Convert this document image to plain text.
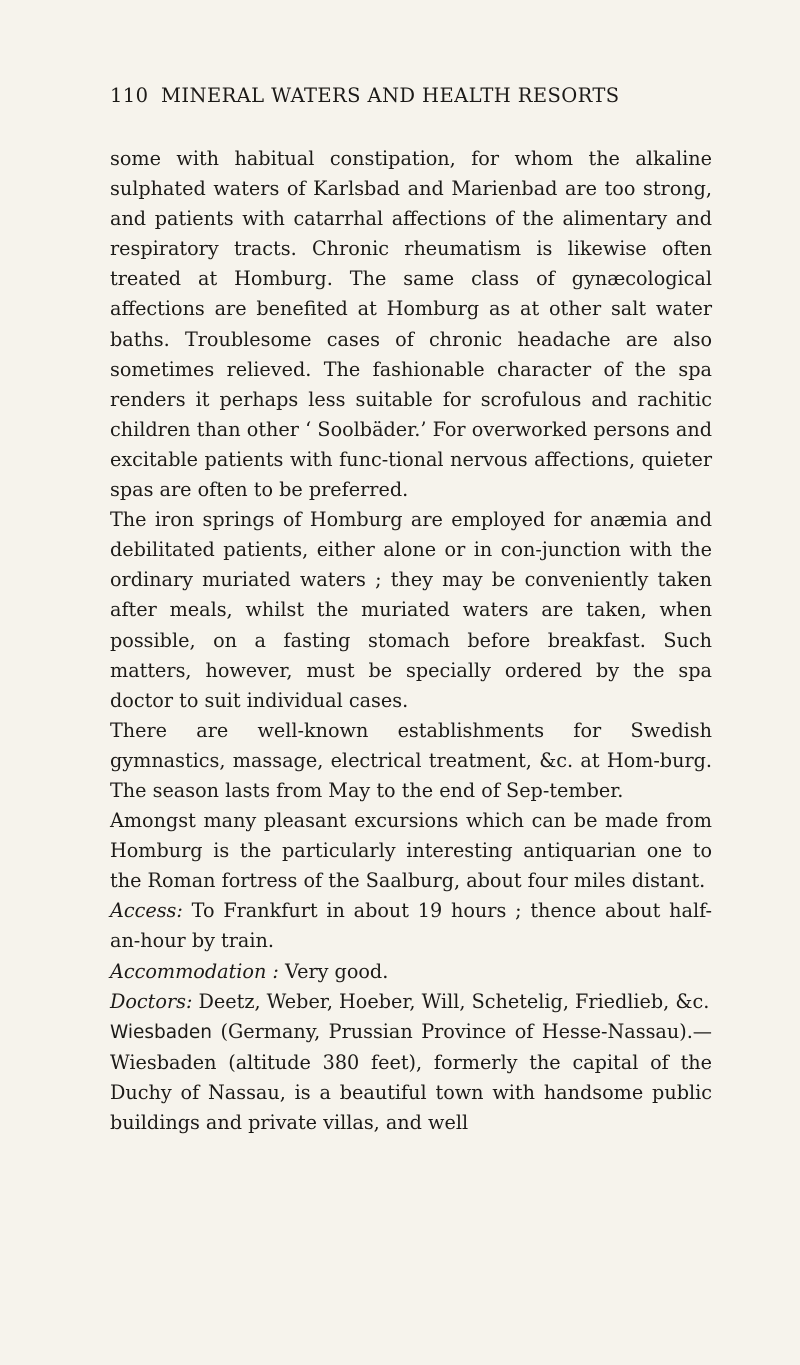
110 MINERAL WATERS AND HEALTH RESORTS

some with habitual constipation, for whom the alkaline sulphated waters of Karlsbad and Marienbad are too strong, and patients with catarrhal affections of the alimentary and respiratory tracts. Chronic rheumatism is likewise often treated at Homburg. The same class of gynæcological affections are benefited at Homburg as at other salt water baths. Troublesome cases of chronic headache are also sometimes relieved. The fashionable character of the spa renders it perhaps less suitable for scrofulous and rachitic children than other ‘ Soolbäder.’ For overworked persons and excitable patients with func-tional nervous affections, quieter spas are often to be preferred.

The iron springs of Homburg are employed for anæmia and debilitated patients, either alone or in con-junction with the ordinary muriated waters ; they may be conveniently taken after meals, whilst the muriated waters are taken, when possible, on a fasting stomach before breakfast. Such matters, however, must be specially ordered by the spa doctor to suit individual cases.

There are well-known establishments for Swedish gymnastics, massage, electrical treatment, &c. at Hom-burg. The season lasts from May to the end of Sep-tember.

Amongst many pleasant excursions which can be made from Homburg is the particularly interesting antiquarian one to the Roman fortress of the Saalburg, about four miles distant.

Access: To Frankfurt in about 19 hours ; thence about half-an-hour by train.

Accommodation : Very good.

Doctors: Deetz, Weber, Hoeber, Will, Schetelig, Friedlieb, &c.

Wiesbaden (Germany, Prussian Province of Hesse-Nassau).—Wiesbaden (altitude 380 feet), formerly the capital of the Duchy of Nassau, is a beautiful town with handsome public buildings and private villas, and well
